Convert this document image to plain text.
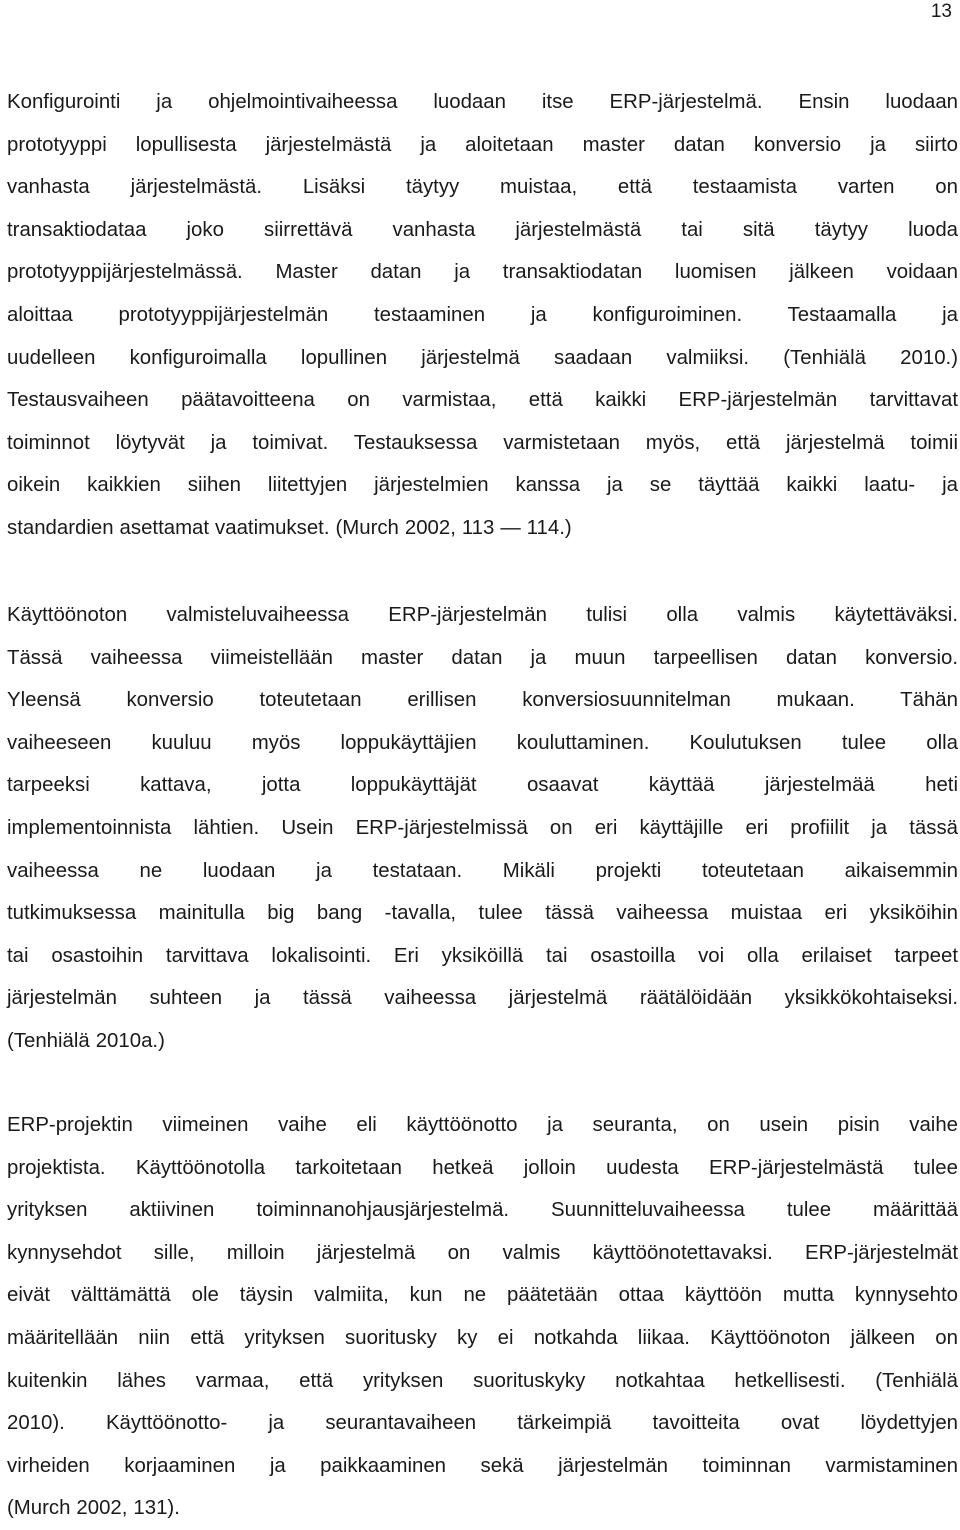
13
Konfigurointi ja ohjelmointivaiheessa luodaan itse ERP-järjestelmä. Ensin luodaan
prototyyppi lopullisesta järjestelmästä ja aloitetaan master datan konversio ja siirto
vanhasta järjestelmästä. Lisäksi täytyy muistaa, että testaamista varten on
transaktiodataa joko siirrettävä vanhasta järjestelmästä tai sitä täytyy luoda
prototyyppijärjestelmässä. Master datan ja transaktiodatan luomisen jälkeen voidaan
aloittaa prototyyppijärjestelmän testaaminen ja konfiguroiminen. Testaamalla ja
uudelleen konfiguroimalla lopullinen järjestelmä saadaan valmiiksi. (Tenhiälä 2010.)
Testausvaiheen päätavoitteena on varmistaa, että kaikki ERP-järjestelmän tarvittavat
toiminnot löytyvät ja toimivat. Testauksessa varmistetaan myös, että järjestelmä toimii
oikein kaikkien siihen liitettyjen järjestelmien kanssa ja se täyttää kaikki laatu- ja
standardien asettamat vaatimukset. (Murch 2002, 113 — 114.)
Käyttöönoton valmisteluvaiheessa ERP-järjestelmän tulisi olla valmis käytettäväksi.
Tässä vaiheessa viimeistellään master datan ja muun tarpeellisen datan konversio.
Yleensä konversio toteutetaan erillisen konversiosuunnitelman mukaan. Tähän
vaiheeseen kuuluu myös loppukäyttäjien kouluttaminen. Koulutuksen tulee olla
tarpeeksi kattava, jotta loppukäyttäjät osaavat käyttää järjestelmää heti
implementoinnista lähtien. Usein ERP-järjestelmissä on eri käyttäjille eri profiilit ja tässä
vaiheessa ne luodaan ja testataan. Mikäli projekti toteutetaan aikaisemmin
tutkimuksessa mainitulla big bang -tavalla, tulee tässä vaiheessa muistaa eri yksiköihin
tai osastoihin tarvittava lokalisointi. Eri yksiköillä tai osastoilla voi olla erilaiset tarpeet
järjestelmän suhteen ja tässä vaiheessa järjestelmä räätälöidään yksikkökohtaiseksi.
(Tenhiälä 2010a.)
ERP-projektin viimeinen vaihe eli käyttöönotto ja seuranta, on usein pisin vaihe
projektista. Käyttöönotolla tarkoitetaan hetkeä jolloin uudesta ERP-järjestelmästä tulee
yrityksen aktiivinen toiminnanohjausjärjestelmä. Suunnitteluvaiheessa tulee määrittää
kynnysehdot sille, milloin järjestelmä on valmis käyttöönotettavaksi. ERP-järjestelmät
eivät välttämättä ole täysin valmiita, kun ne päätetään ottaa käyttöön mutta kynnysehto
määritellään niin että yrityksen suoritusky ky ei notkahda liikaa. Käyttöönoton jälkeen on
kuitenkin lähes varmaa, että yrityksen suorituskyky notkahtaa hetkellisesti. (Tenhiälä
2010). Käyttöönotto- ja seurantavaiheen tärkeimpiä tavoitteita ovat löydettyjen
virheiden korjaaminen ja paikkaaminen sekä järjestelmän toiminnan varmistaminen
(Murch 2002, 131).
